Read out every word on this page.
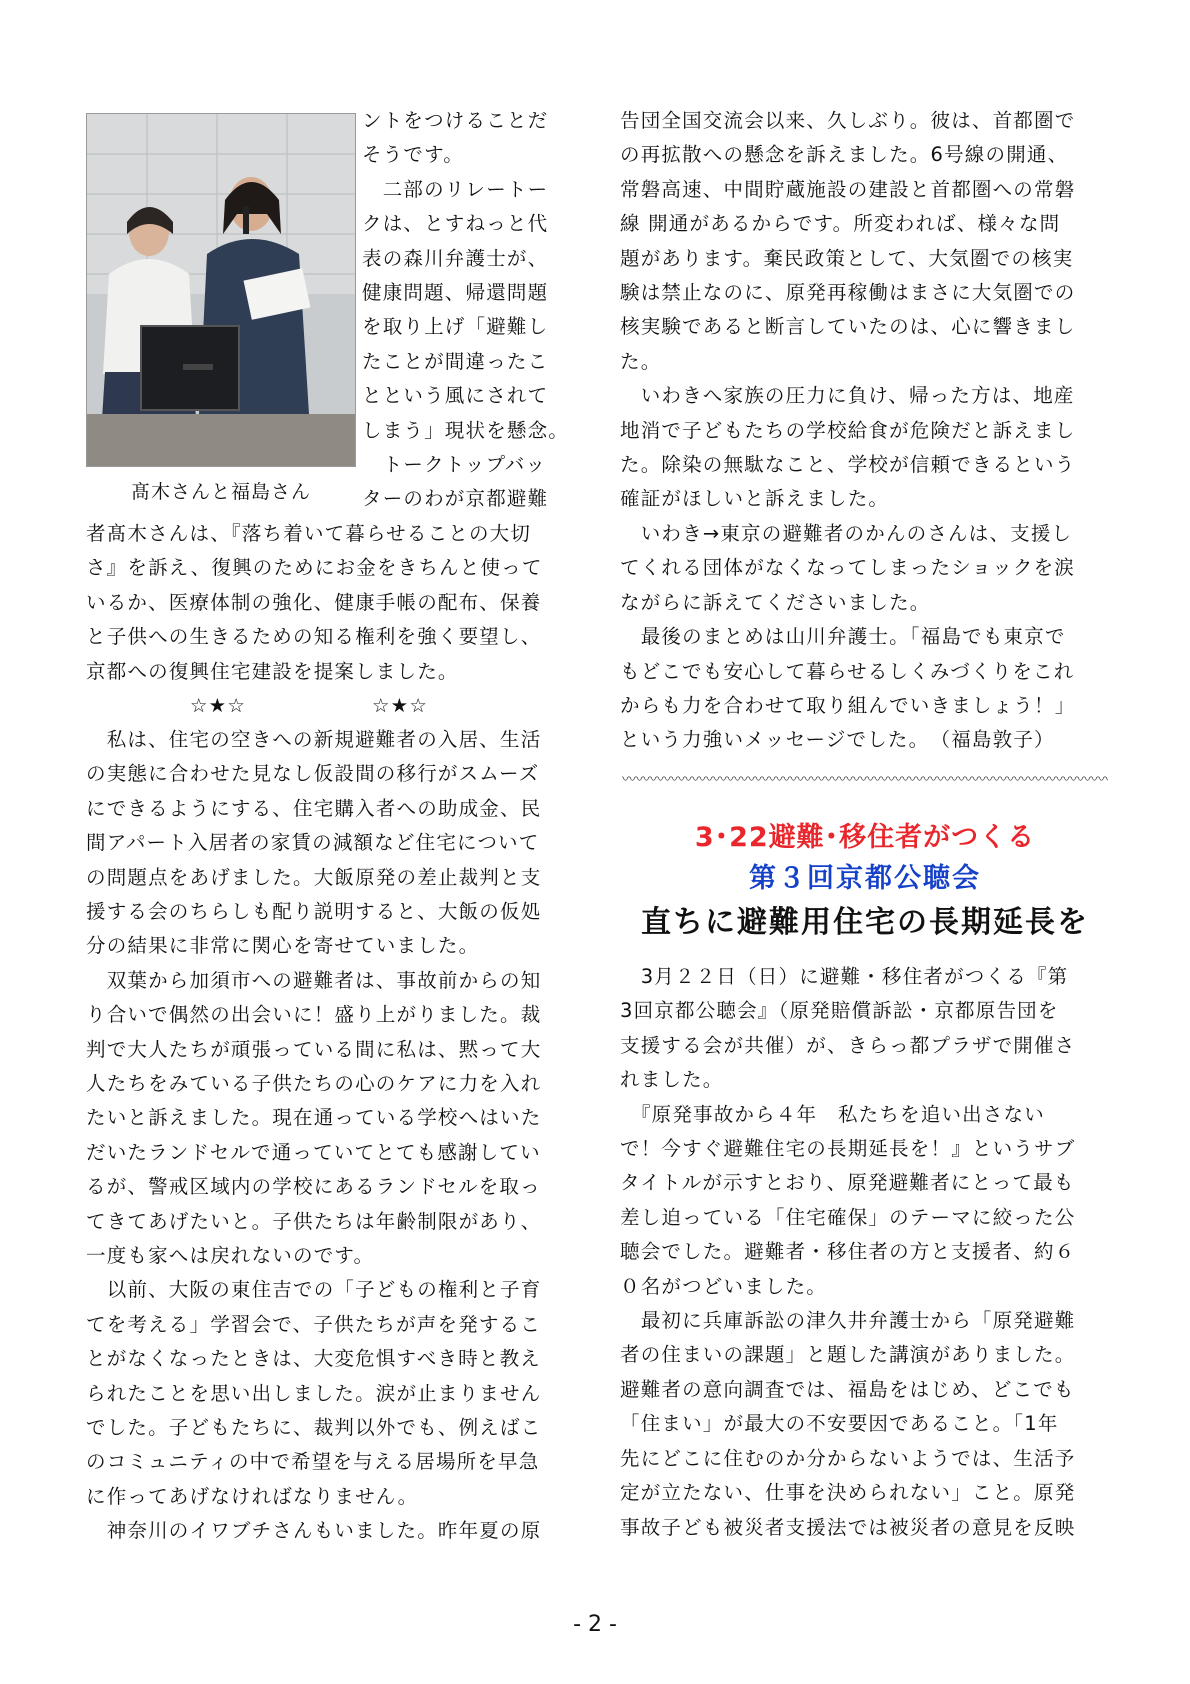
髙木さんと福島さん
ントをつけることだ
そうです。
　二部のリレートー
クは、とすねっと代
表の森川弁護士が、
健康問題、帰還問題
を取り上げ「避難し
たことが間違ったこ
とという風にされて
しまう」現状を懸念。
　トークトップバッ
ターのわが京都避難
者髙木さんは、『落ち着いて暮らせることの大切
さ』を訴え、復興のためにお金をきちんと使って
いるか、医療体制の強化、健康手帳の配布、保養
と子供への生きるための知る権利を強く要望し、
京都への復興住宅建設を提案しました。
☆★☆	☆★☆
　私は、住宅の空きへの新規避難者の入居、生活
の実態に合わせた見なし仮設間の移行がスムーズ
にできるようにする、住宅購入者への助成金、民
間アパート入居者の家賃の減額など住宅について
の問題点をあげました。大飯原発の差止裁判と支
援する会のちらしも配り説明すると、大飯の仮処
分の結果に非常に関心を寄せていました。
　双葉から加須市への避難者は、事故前からの知
り合いで偶然の出会いに！盛り上がりました。裁
判で大人たちが頑張っている間に私は、黙って大
人たちをみている子供たちの心のケアに力を入れ
たいと訴えました。現在通っている学校へはいた
だいたランドセルで通っていてとても感謝してい
るが、警戒区域内の学校にあるランドセルを取っ
てきてあげたいと。子供たちは年齢制限があり、
一度も家へは戻れないのです。
　以前、大阪の東住吉での「子どもの権利と子育
てを考える」学習会で、子供たちが声を発するこ
とがなくなったときは、大変危惧すべき時と教え
られたことを思い出しました。涙が止まりません
でした。子どもたちに、裁判以外でも、例えばこ
のコミュニティの中で希望を与える居場所を早急
に作ってあげなければなりません。
　神奈川のイワブチさんもいました。昨年夏の原
告団全国交流会以来、久しぶり。彼は、首都圏で
の再拡散への懸念を訴えました。6号線の開通、
常磐高速、中間貯蔵施設の建設と首都圏への常磐
線 開通があるからです。所変われば、様々な問
題があります。棄民政策として、大気圏での核実
験は禁止なのに、原発再稼働はまさに大気圏での
核実験であると断言していたのは、心に響きまし
た。
　いわきへ家族の圧力に負け、帰った方は、地産
地消で子どもたちの学校給食が危険だと訴えまし
た。除染の無駄なこと、学校が信頼できるという
確証がほしいと訴えました。
　いわき→東京の避難者のかんのさんは、支援し
てくれる団体がなくなってしまったショックを涙
ながらに訴えてくださいました。
　最後のまとめは山川弁護士。「福島でも東京で
もどこでも安心して暮らせるしくみづくりをこれ
からも力を合わせて取り組んでいきましょう！」
という力強いメッセージでした。　（福島敦子）
〰〰〰〰〰〰〰〰〰〰〰〰〰〰〰〰〰〰〰〰〰〰〰〰〰〰〰〰〰〰〰〰〰〰〰
3･22避難･移住者がつくる
第３回京都公聴会
直ちに避難用住宅の長期延長を
　3月２２日（日）に避難・移住者がつくる『第
3回京都公聴会』（原発賠償訴訟・京都原告団を
支援する会が共催）が、きらっ都プラザで開催さ
れました。
　『原発事故から４年　私たちを追い出さない
で！今すぐ避難住宅の長期延長を！』というサブ
タイトルが示すとおり、原発避難者にとって最も
差し迫っている「住宅確保」のテーマに絞った公
聴会でした。避難者・移住者の方と支援者、約６
０名がつどいました。
　最初に兵庫訴訟の津久井弁護士から「原発避難
者の住まいの課題」と題した講演がありました。
避難者の意向調査では、福島をはじめ、どこでも
「住まい」が最大の不安要因であること。「1年
先にどこに住むのか分からないようでは、生活予
定が立たない、仕事を決められない」こと。原発
事故子ども被災者支援法では被災者の意見を反映
- 2 -
